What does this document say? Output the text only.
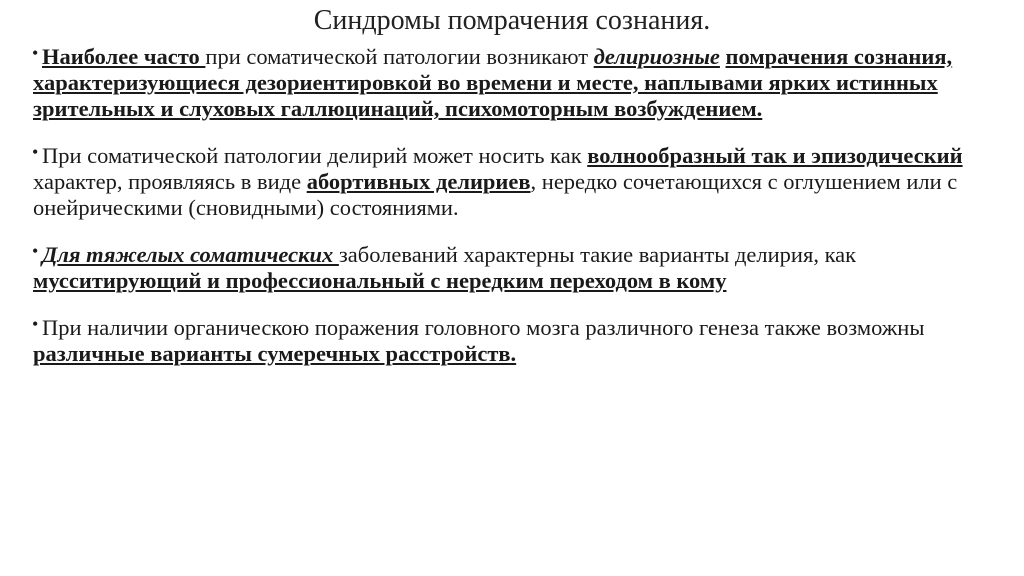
Синдромы помрачения сознания.
• Наиболее часто при соматической патологии возникают делириозные помрачения сознания, характеризующиеся дезориентировкой во времени и месте, наплывами ярких истинных зрительных и слуховых галлюцинаций, психомоторным возбуждением.
• При соматической патологии делирий может носить как волнообразный так и эпизодический характер, проявляясь в виде абортивных делириев, нередко сочетающихся с оглушением или с онейрическими (сновидными) состояниями.
• Для тяжелых соматических заболеваний характерны такие варианты делирия, как мусситирующий и профессиональный с нередким переходом в кому
• При наличии органическою поражения головного мозга различного генеза также возможны различные варианты сумеречных расстройств.
